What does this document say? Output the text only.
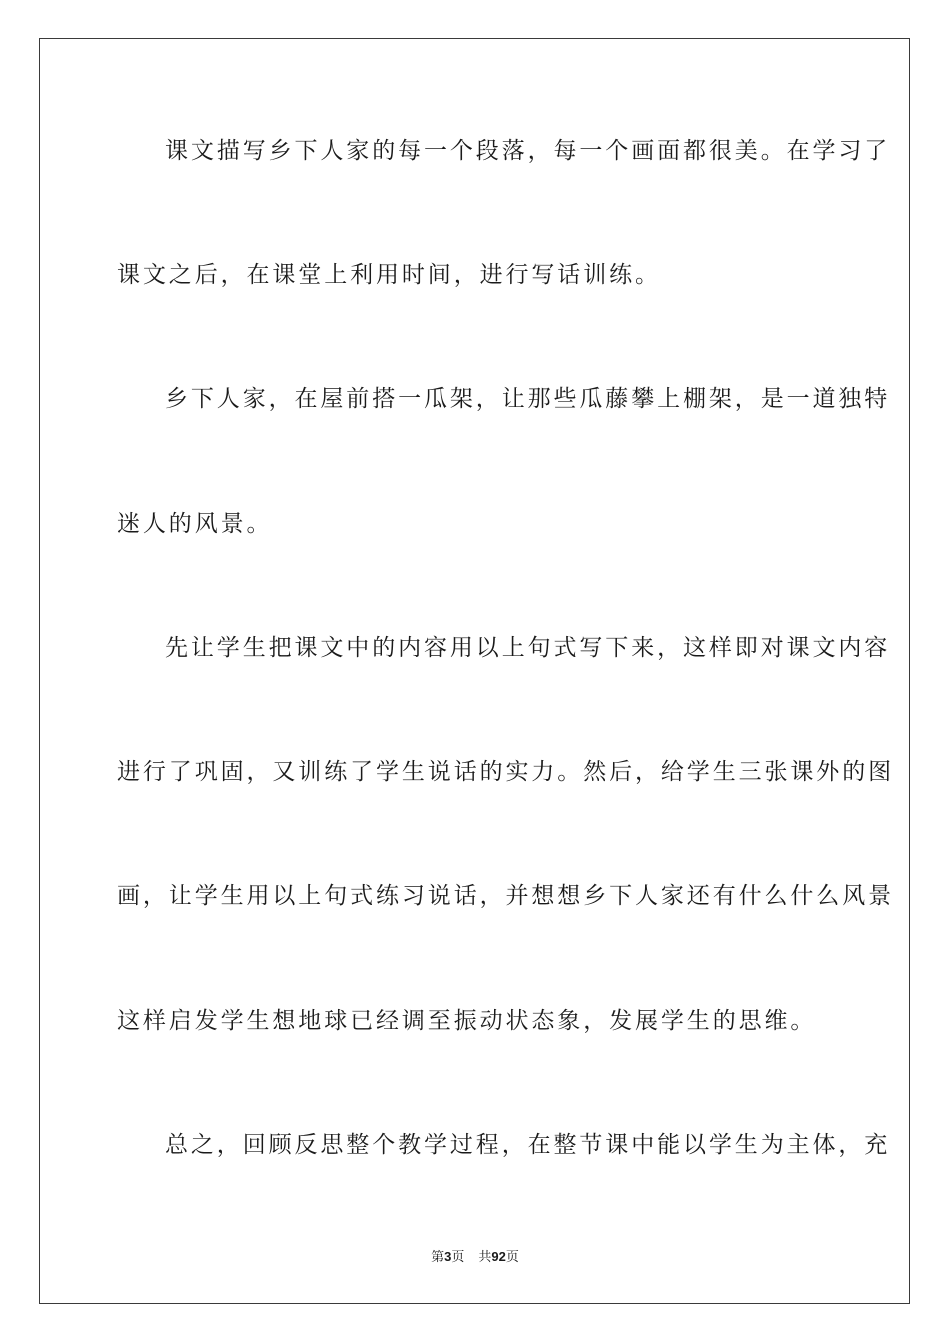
课文描写乡下人家的每一个段落，每一个画面都很美。在学习了

课文之后，在课堂上利用时间，进行写话训练。

乡下人家，在屋前搭一瓜架，让那些瓜藤攀上棚架，是一道独特

迷人的风景。

先让学生把课文中的内容用以上句式写下来，这样即对课文内容

进行了巩固，又训练了学生说话的实力。然后，给学生三张课外的图

画，让学生用以上句式练习说话，并想想乡下人家还有什么什么风景

这样启发学生想地球已经调至振动状态象，发展学生的思维。

总之，回顾反思整个教学过程，在整节课中能以学生为主体，充

第3页 共92页
